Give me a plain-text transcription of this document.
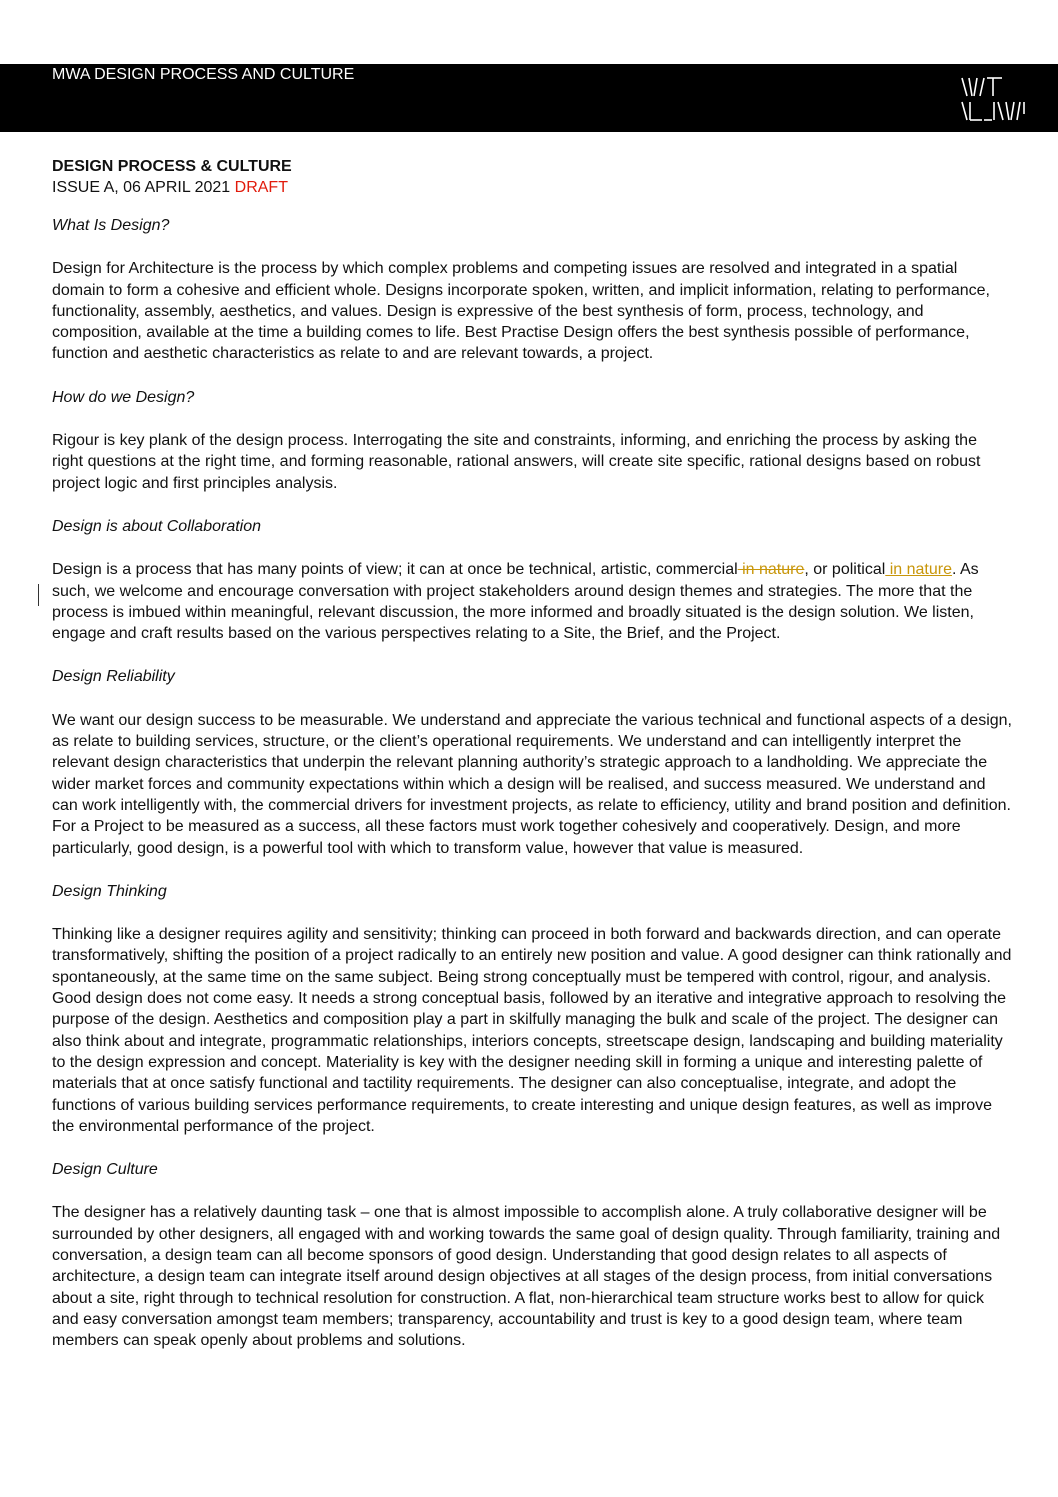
MWA DESIGN PROCESS AND CULTURE

DESIGN PROCESS & CULTURE

ISSUE A, 06 APRIL 2021 DRAFT

What Is Design?

Design for Architecture is the process by which complex problems and competing issues are resolved and integrated in a spatial domain to form a cohesive and efficient whole. Designs incorporate spoken, written, and implicit information, relating to performance, functionality, assembly, aesthetics, and values. Design is expressive of the best synthesis of form, process, technology, and composition, available at the time a building comes to life. Best Practise Design offers the best synthesis possible of performance, function and aesthetic characteristics as relate to and are relevant towards, a project.

How do we Design?

Rigour is key plank of the design process. Interrogating the site and constraints, informing, and enriching the process by asking the right questions at the right time, and forming reasonable, rational answers, will create site specific, rational designs based on robust project logic and first principles analysis.

Design is about Collaboration

Design is a process that has many points of view; it can at once be technical, artistic, commercial in nature, or political in nature. As such, we welcome and encourage conversation with project stakeholders around design themes and strategies. The more that the process is imbued within meaningful, relevant discussion, the more informed and broadly situated is the design solution. We listen, engage and craft results based on the various perspectives relating to a Site, the Brief, and the Project.

Design Reliability

We want our design success to be measurable. We understand and appreciate the various technical and functional aspects of a design, as relate to building services, structure, or the client’s operational requirements. We understand and can intelligently interpret the relevant design characteristics that underpin the relevant planning authority’s strategic approach to a landholding. We appreciate the wider market forces and community expectations within which a design will be realised, and success measured. We understand and can work intelligently with, the commercial drivers for investment projects, as relate to efficiency, utility and brand position and definition. For a Project to be measured as a success, all these factors must work together cohesively and cooperatively. Design, and more particularly, good design, is a powerful tool with which to transform value, however that value is measured.

Design Thinking

Thinking like a designer requires agility and sensitivity; thinking can proceed in both forward and backwards direction, and can operate transformatively, shifting the position of a project radically to an entirely new position and value. A good designer can think rationally and spontaneously, at the same time on the same subject. Being strong conceptually must be tempered with control, rigour, and analysis. Good design does not come easy. It needs a strong conceptual basis, followed by an iterative and integrative approach to resolving the purpose of the design. Aesthetics and composition play a part in skilfully managing the bulk and scale of the project. The designer can also think about and integrate, programmatic relationships, interiors concepts, streetscape design, landscaping and building materiality to the design expression and concept. Materiality is key with the designer needing skill in forming a unique and interesting palette of materials that at once satisfy functional and tactility requirements. The designer can also conceptualise, integrate, and adopt the functions of various building services performance requirements, to create interesting and unique design features, as well as improve the environmental performance of the project.

Design Culture

The designer has a relatively daunting task – one that is almost impossible to accomplish alone. A truly collaborative designer will be surrounded by other designers, all engaged with and working towards the same goal of design quality. Through familiarity, training and conversation, a design team can all become sponsors of good design. Understanding that good design relates to all aspects of architecture, a design team can integrate itself around design objectives at all stages of the design process, from initial conversations about a site, right through to technical resolution for construction. A flat, non-hierarchical team structure works best to allow for quick and easy conversation amongst team members; transparency, accountability and trust is key to a good design team, where team members can speak openly about problems and solutions.
